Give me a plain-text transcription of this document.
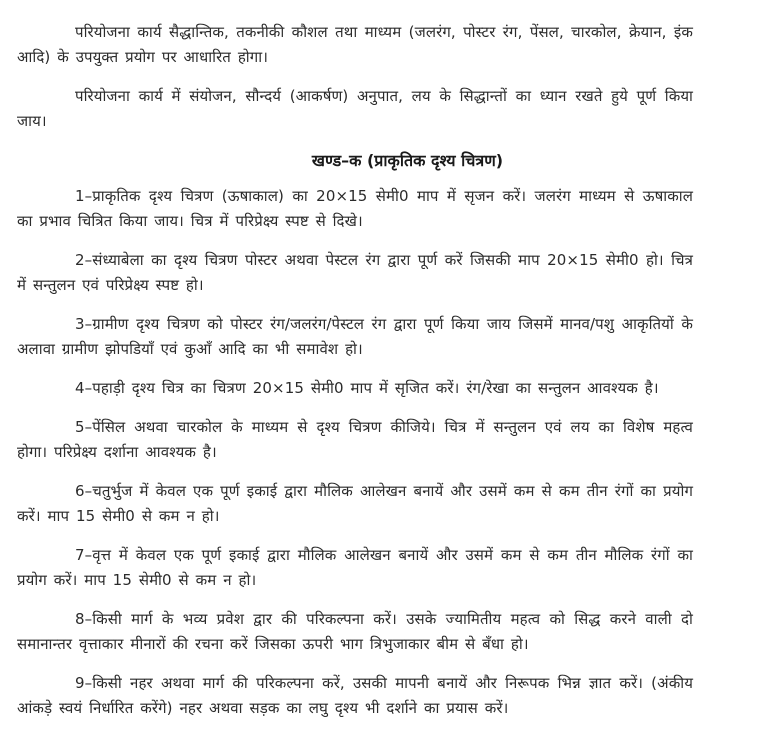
परियोजना कार्य सैद्धान्तिक, तकनीकी कौशल तथा माध्यम (जलरंग, पोस्टर रंग, पेंसल, चारकोल, क्रेयान, इंक आदि) के उपयुक्त प्रयोग पर आधारित होगा।

परियोजना कार्य में संयोजन, सौन्दर्य (आकर्षण) अनुपात, लय के सिद्धान्तों का ध्यान रखते हुये पूर्ण किया जाय।

खण्ड–क (प्राकृतिक दृश्य चित्रण)

1–प्राकृतिक दृश्य चित्रण (ऊषाकाल) का 20×15 सेमी0 माप में सृजन करें। जलरंग माध्यम से ऊषाकाल का प्रभाव चित्रित किया जाय। चित्र में परिप्रेक्ष्य स्पष्ट से दिखे।

2–संध्याबेला का दृश्य चित्रण पोस्टर अथवा पेस्टल रंग द्वारा पूर्ण करें जिसकी माप 20×15 सेमी0 हो। चित्र में सन्तुलन एवं परिप्रेक्ष्य स्पष्ट हो।

3–ग्रामीण दृश्य चित्रण को पोस्टर रंग/जलरंग/पेस्टल रंग द्वारा पूर्ण किया जाय जिसमें मानव/पशु आकृतियों के अलावा ग्रामीण झोपडियाँ एवं कुआँ आदि का भी समावेश हो।

4–पहाड़ी दृश्य चित्र का चित्रण 20×15 सेमी0 माप में सृजित करें। रंग/रेखा का सन्तुलन आवश्यक है।

5–पेंसिल अथवा चारकोल के माध्यम से दृश्य चित्रण कीजिये। चित्र में सन्तुलन एवं लय का विशेष महत्व होगा। परिप्रेक्ष्य दर्शाना आवश्यक है।

6–चतुर्भुज में केवल एक पूर्ण इकाई द्वारा मौलिक आलेखन बनायें और उसमें कम से कम तीन रंगों का प्रयोग करें। माप 15 सेमी0 से कम न हो।

7–वृत्त में केवल एक पूर्ण इकाई द्वारा मौलिक आलेखन बनायें और उसमें कम से कम तीन मौलिक रंगों का प्रयोग करें। माप 15 सेमी0 से कम न हो।

8–किसी मार्ग के भव्य प्रवेश द्वार की परिकल्पना करें। उसके ज्यामितीय महत्व को सिद्ध करने वाली दो समानान्तर वृत्ताकार मीनारों की रचना करें जिसका ऊपरी भाग त्रिभुजाकार बीम से बँधा हो।

9–किसी नहर अथवा मार्ग की परिकल्पना करें, उसकी मापनी बनायें और निरूपक भिन्न ज्ञात करें। (अंकीय आंकड़े स्वयं निर्धारित करेंगे) नहर अथवा सड़क का लघु दृश्य भी दर्शाने का प्रयास करें।
